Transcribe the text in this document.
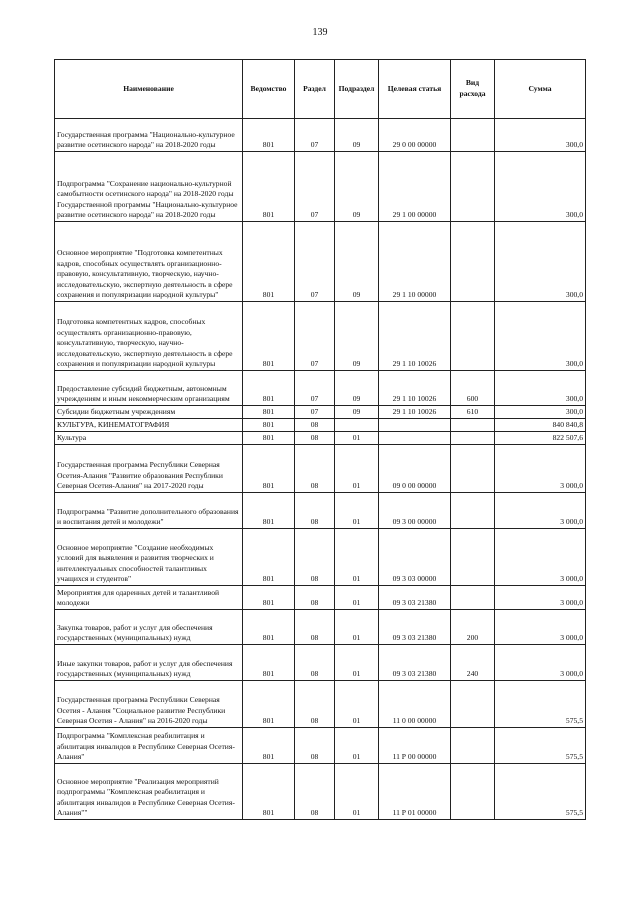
139
Наименование	Ведомство	Раздел	Подраздел	Целевая статья	Вид расхода	Сумма
Государственная программа "Национально-культурное развитие осетинского народа" на 2018-2020 годы	801	07	09	29 0 00 00000		300,0
Подпрограмма "Сохранение национально-культурной самобытности осетинского народа" на 2018-2020 годы Государственной программы "Национально-культурное развитие осетинского народа" на 2018-2020 годы	801	07	09	29 1 00 00000		300,0
Основное мероприятие "Подготовка компетентных кадров, способных осуществлять организационно-правовую, консультативную, творческую, научно-исследовательскую, экспертную деятельность в сфере сохранения и популяризации народной культуры"	801	07	09	29 1 10 00000		300,0
Подготовка компетентных кадров, способных осуществлять организационно-правовую, консультативную, творческую, научно-исследовательскую, экспертную деятельность в сфере сохранения и популяризации народной культуры	801	07	09	29 1 10 10026		300,0
Предоставление субсидий бюджетным, автономным учреждениям и иным некоммерческим организациям	801	07	09	29 1 10 10026	600	300,0
Субсидии бюджетным учреждениям	801	07	09	29 1 10 10026	610	300,0
КУЛЬТУРА, КИНЕМАТОГРАФИЯ	801	08				840 840,8
Культура	801	08	01			822 507,6
Государственная программа Республики Северная Осетия-Алания "Развитие образования Республики Северная Осетия-Алания" на 2017-2020 годы	801	08	01	09 0 00 00000		3 000,0
Подпрограмма "Развитие дополнительного образования и воспитания детей и молодежи"	801	08	01	09 3 00 00000		3 000,0
Основное мероприятие "Создание необходимых условий для выявления и развития творческих и интеллектуальных способностей талантливых учащихся и студентов"	801	08	01	09 3 03 00000		3 000,0
Мероприятия для одаренных детей и талантливой молодежи	801	08	01	09 3 03 21380		3 000,0
Закупка товаров, работ и услуг для обеспечения государственных (муниципальных) нужд	801	08	01	09 3 03 21380	200	3 000,0
Иные закупки товаров, работ и услуг для обеспечения государственных (муниципальных) нужд	801	08	01	09 3 03 21380	240	3 000,0
Государственная программа Республики Северная Осетия - Алания "Социальное развитие Республики Северная Осетия - Алания" на 2016-2020 годы	801	08	01	11 0 00 00000		575,5
Подпрограмма "Комплексная реабилитация и абилитация инвалидов в Республике Северная Осетия-Алания"	801	08	01	11 Р 00 00000		575,5
Основное мероприятие "Реализация мероприятий подпрограммы "Комплексная реабилитация и абилитация инвалидов в Республике Северная Осетия-Алания""	801	08	01	11 Р 01 00000		575,5
